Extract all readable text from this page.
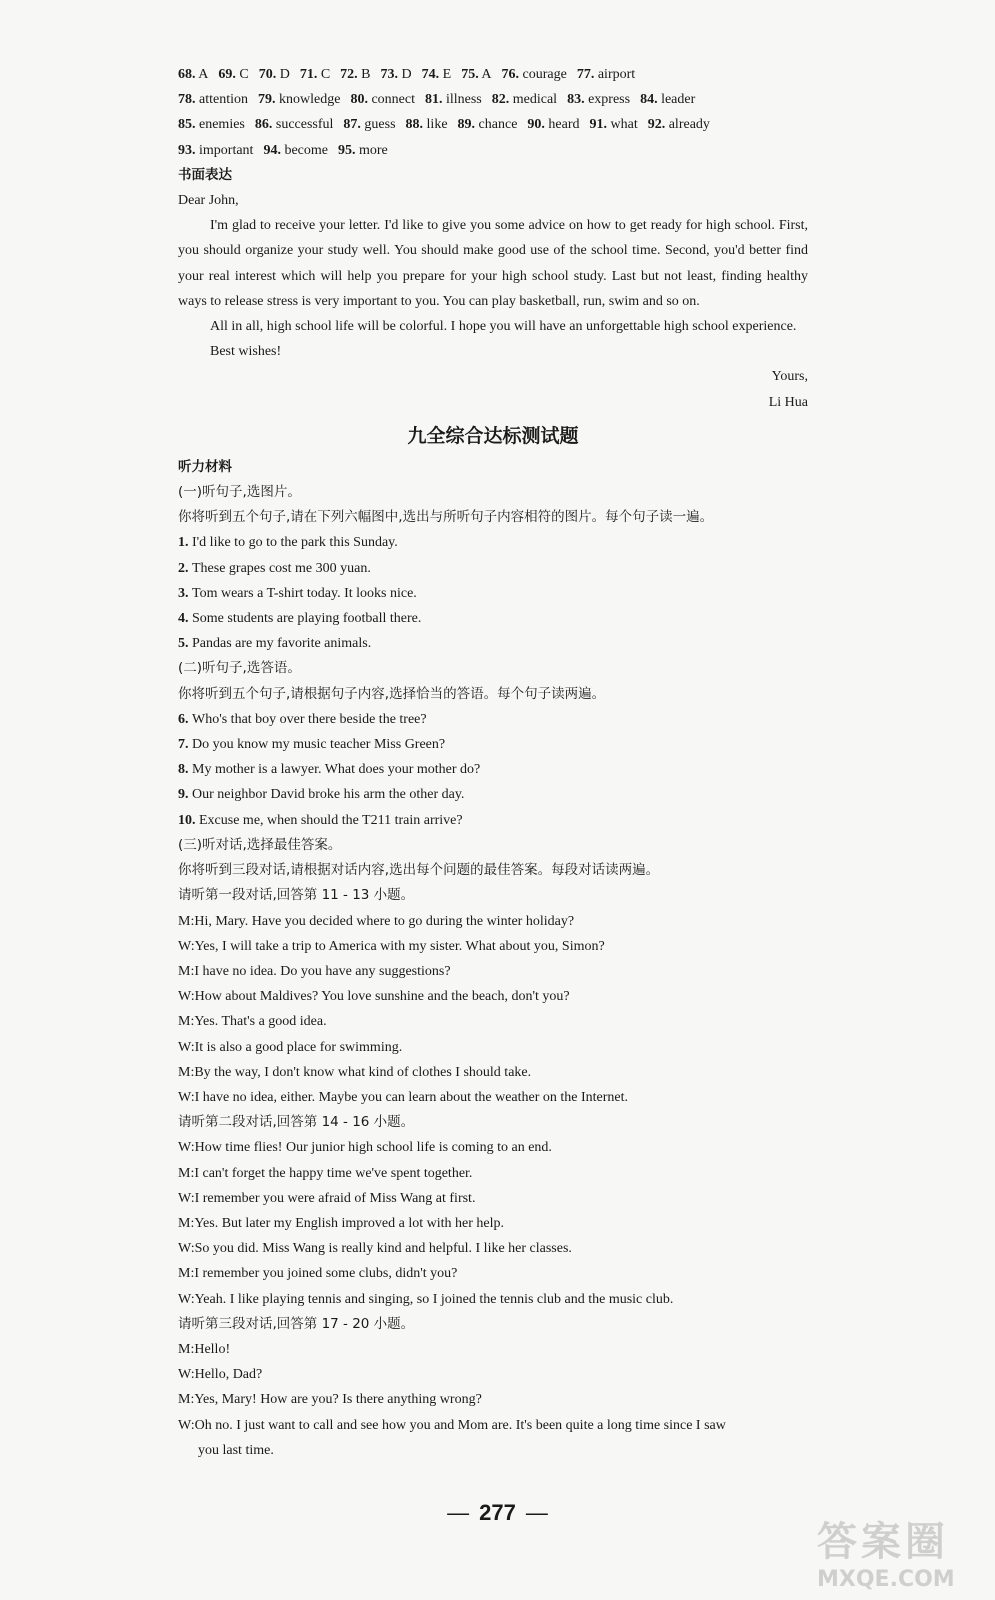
68. A 69. C 70. D 71. C 72. B 73. D 74. E 75. A 76. courage 77. airport
78. attention 79. knowledge 80. connect 81. illness 82. medical 83. express 84. leader
85. enemies 86. successful 87. guess 88. like 89. chance 90. heard 91. what 92. already
93. important 94. become 95. more
书面表达
Dear John,
I'm glad to receive your letter. I'd like to give you some advice on how to get ready for high school. First, you should organize your study well. You should make good use of the school time. Second, you'd better find your real interest which will help you prepare for your high school study. Last but not least, finding healthy ways to release stress is very important to you. You can play basketball, run, swim and so on.
All in all, high school life will be colorful. I hope you will have an unforgettable high school experience.
Best wishes!
Yours,
Li Hua
九全综合达标测试题
听力材料
(一)听句子,选图片。
你将听到五个句子,请在下列六幅图中,选出与所听句子内容相符的图片。每个句子读一遍。
1. I'd like to go to the park this Sunday.
2. These grapes cost me 300 yuan.
3. Tom wears a T-shirt today. It looks nice.
4. Some students are playing football there.
5. Pandas are my favorite animals.
(二)听句子,选答语。
你将听到五个句子,请根据句子内容,选择恰当的答语。每个句子读两遍。
6. Who's that boy over there beside the tree?
7. Do you know my music teacher Miss Green?
8. My mother is a lawyer. What does your mother do?
9. Our neighbor David broke his arm the other day.
10. Excuse me, when should the T211 train arrive?
(三)听对话,选择最佳答案。
你将听到三段对话,请根据对话内容,选出每个问题的最佳答案。每段对话读两遍。
请听第一段对话,回答第 11 - 13 小题。
M:Hi, Mary. Have you decided where to go during the winter holiday?
W:Yes, I will take a trip to America with my sister. What about you, Simon?
M:I have no idea. Do you have any suggestions?
W:How about Maldives? You love sunshine and the beach, don't you?
M:Yes. That's a good idea.
W:It is also a good place for swimming.
M:By the way, I don't know what kind of clothes I should take.
W:I have no idea, either. Maybe you can learn about the weather on the Internet.
请听第二段对话,回答第 14 - 16 小题。
W:How time flies! Our junior high school life is coming to an end.
M:I can't forget the happy time we've spent together.
W:I remember you were afraid of Miss Wang at first.
M:Yes. But later my English improved a lot with her help.
W:So you did. Miss Wang is really kind and helpful. I like her classes.
M:I remember you joined some clubs, didn't you?
W:Yeah. I like playing tennis and singing, so I joined the tennis club and the music club.
请听第三段对话,回答第 17 - 20 小题。
M:Hello!
W:Hello, Dad?
M:Yes, Mary! How are you? Is there anything wrong?
W:Oh no. I just want to call and see how you and Mom are. It's been quite a long time since I saw
you last time.
— 277 —
答案圈
MXQE.COM
